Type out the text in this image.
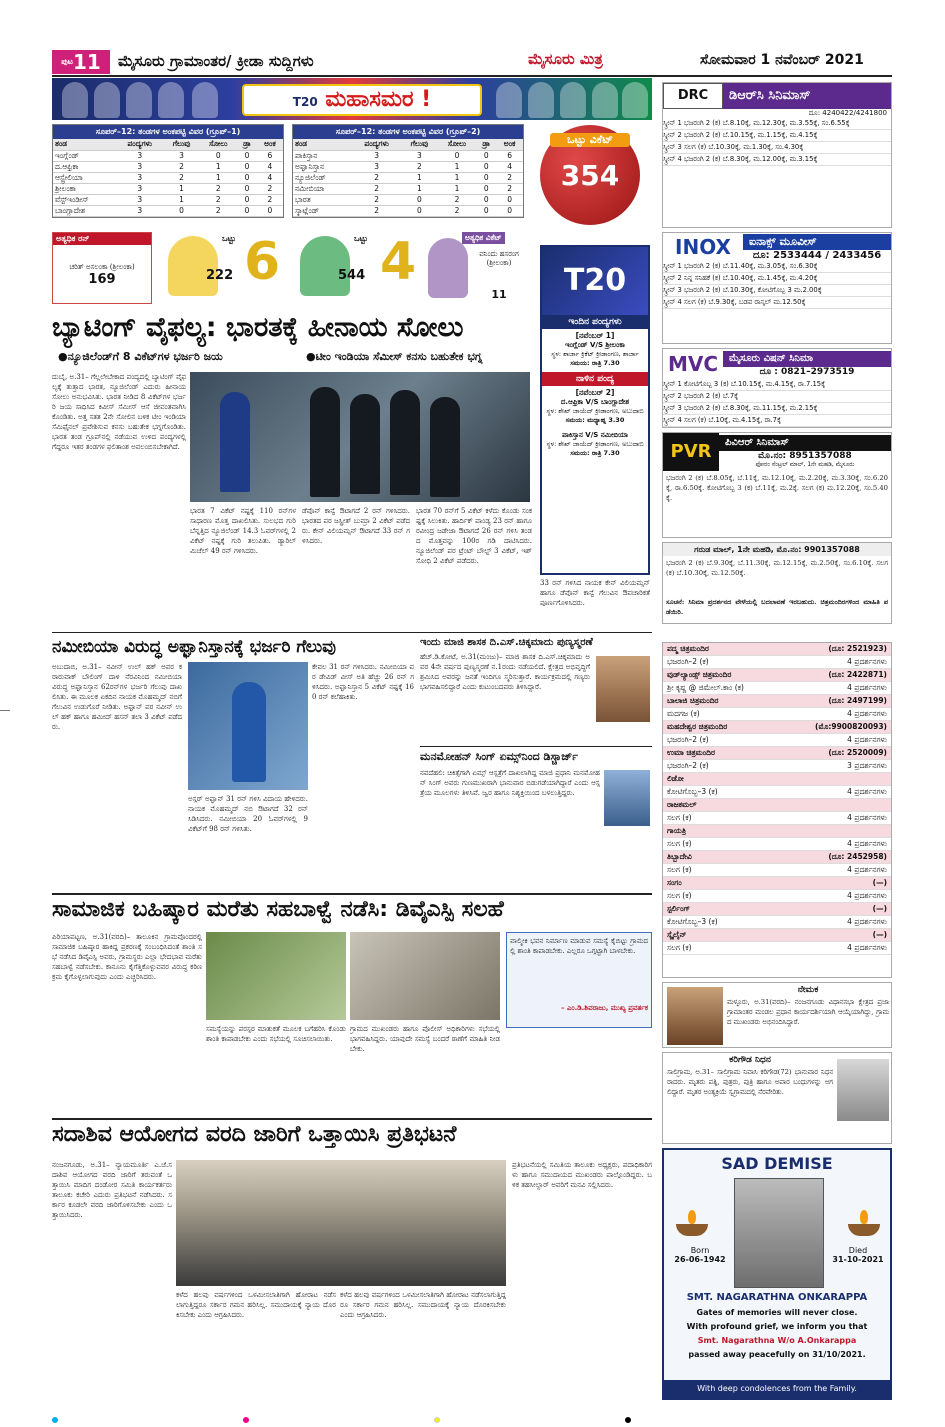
$^{ಪುಟ}$11	ಮೈಸೂರು ಗ್ರಾಮಾಂತರ/ ಕ್ರೀಡಾ ಸುದ್ದಿಗಳು	ಮೈಸೂರು ಮಿತ್ರ	ಸೋಮವಾರ 1 ನವೆಂಬರ್ 2021
T20 ಮಹಾಸಮರ !
ಸೂಪರ್–12: ತಂಡಗಳ ಅಂಕಪಟ್ಟಿ ವಿವರ (ಗ್ರೂಪ್–1)
ತಂಡ	ಪಂದ್ಯಗಳು	ಗೆಲುವು	ಸೋಲು	ಡ್ರಾ	ಅಂಕ
ಇಂಗ್ಲೆಂಡ್	3	3	0	0	6
ದ.ಆಫ್ರಿಕಾ	3	2	1	0	4
ಆಸ್ಟ್ರೇಲಿಯಾ	3	2	1	0	4
ಶ್ರೀಲಂಕಾ	3	1	2	0	2
ವೆಸ್ಟ್ಇಂಡೀಸ್	3	1	2	0	2
ಬಾಂಗ್ಲಾದೇಶ	3	0	2	0	0
ಸೂಪರ್–12: ತಂಡಗಳ ಅಂಕಪಟ್ಟಿ ವಿವರ (ಗ್ರೂಪ್–2)
ತಂಡ	ಪಂದ್ಯಗಳು	ಗೆಲುವು	ಸೋಲು	ಡ್ರಾ	ಅಂಕ
ಪಾಕಿಸ್ತಾನ	3	3	0	0	6
ಅಫ್ಘಾನಿಸ್ತಾನ	3	2	1	0	4
ನ್ಯೂಜಿಲೆಂಡ್	2	1	1	0	2
ನಮೀಬಿಯಾ	2	1	1	0	2
ಭಾರತ	2	0	2	0	0
ಸ್ಕಾಟ್ಲೆಂಡ್	2	0	2	0	0
ಒಟ್ಟು ವಿಕೆಟ್
354
ಅತ್ಯಧಿಕ ರನ್
ಚರಿತ್ ಅಸಲಂಕಾ (ಶ್ರೀಲಂಕಾ)
169
ಒಟ್ಟು
222 6	ಒಟ್ಟು
544 4	ಅತ್ಯಧಿಕ ವಿಕೆಟ್
ವನಿಂದು ಹಸರಂಗ (ಶ್ರೀಲಂಕಾ)
11
ಬ್ಯಾಟಿಂಗ್ ವೈಫಲ್ಯ: ಭಾರತಕ್ಕೆ ಹೀನಾಯ ಸೋಲು
●ನ್ಯೂಜಿಲೆಂಡ್‌ಗೆ 8 ವಿಕೆಟ್‌ಗಳ ಭರ್ಜರಿ ಜಯ	●ಟೀಂ ಇಂಡಿಯಾ ಸೆಮೀಸ್ ಕನಸು ಬಹುತೇಕ ಭಗ್ನ
ದುಬೈ, ಅ.31– ಗೆಲ್ಲಲೇಬೇಕಾದ ಪಂದ್ಯದಲ್ಲಿ ಬ್ಯಾಟಿಂಗ್ ವೈಫಲ್ಯಕ್ಕೆ ತುತ್ತಾದ ಭಾರತ, ನ್ಯೂಜಿಲೆಂಡ್ ಎದುರು ಹೀನಾಯ ಸೋಲು ಅನುಭವಿಸಿತು. ಭಾರತ ನೀಡಿದ 8 ವಿಕೆಟ್‌ಗಳ ಭರ್ಜರಿ ಜಯ ಸಾಧಿಸಿದ ಕಿವೀಸ್ ಸೆಮೀಸ್ ಆಸೆ ಜೀವಂತವಾಗಿಸಿ ಕೊಂಡಿತು. ಅತ್ತ ಸತತ 2ನೇ ಸೋಲಿನ ಬಳಿಕ ಟೀಂ ಇಂಡಿಯಾ ಸೆಮಿಫೈನಲ್ ಪ್ರವೇಶಿಸುವ ಕನಸು ಬಹುತೇಕ ಭಗ್ನಗೊಂಡಿತು. ಭಾರತ ತಂಡ ಗ್ರೂಪ್‌ನಲ್ಲಿ ನಡೆಯುವ ಉಳಿದ ಪಂದ್ಯಗಳಲ್ಲಿ ಗೆದ್ದರೂ ಇತರ ತಂಡಗಳ ಫಲಿತಾಂಶ ಅವಲಂಬಿಸಬೇಕಾಗಿದೆ.
ಭಾರತ 7 ವಿಕೆಟ್ ನಷ್ಟಕ್ಕೆ 110 ರನ್‌ಗಳ ಸಾಧಾರಣ ಮೊತ್ತ ದಾಖಲಿಸಿತು. ಸುಲಭದ ಗುರಿ ಬೆನ್ನತ್ತಿದ ನ್ಯೂಜಿಲೆಂಡ್ 14.3 ಓವರ್‌ಗಳಲ್ಲಿ 2 ವಿಕೆಟ್ ನಷ್ಟಕ್ಕೆ ಗುರಿ ತಲುಪಿತು. ಡ್ಯಾರಿಲ್ ಮಿಚೆಲ್ 49 ರನ್ ಗಳಿಸಿದರು.
ಡೆವೊನ್ ಕಾನ್ವೆ ಔಟಾಗದೆ 2 ರನ್ ಗಳಿಸಿದರು. ಭಾರತದ ಪರ ಜಸ್ಪ್ರೀತ್ ಬುಮ್ರಾ 2 ವಿಕೆಟ್ ಪಡೆದರು. ಕೇನ್ ವಿಲಿಯಮ್ಸನ್ ಔಟಾಗದೆ 33 ರನ್ ಗಳಿಸಿದರು.
ಭಾರತ 70 ರನ್‌ಗೆ 5 ವಿಕೆಟ್ ಕಳೆದು ಕೊಂಡು ಸಂಕಷ್ಟಕ್ಕೆ ಸಿಲುಕಿತು. ಹಾರ್ದಿಕ್ ಪಾಂಡ್ಯ 23 ರನ್ ಹಾಗೂ ರವೀಂದ್ರ ಜಡೇಜಾ ಔಟಾಗದೆ 26 ರನ್ ಗಳಿಸಿ ತಂಡದ ಮೊತ್ತವನ್ನು 100ರ ಗಡಿ ದಾಟಿಸಿದರು. ನ್ಯೂಜಿಲೆಂಡ್ ಪರ ಟ್ರೆಂಟ್ ಬೌಲ್ಟ್ 3 ವಿಕೆಟ್, ಇಶ್ ಸೋಧಿ 2 ವಿಕೆಟ್ ಪಡೆದರು.
T20
ಇಂದಿನ ಪಂದ್ಯಗಳು
[ನವೆಂಬರ್ 1]
ಇಂಗ್ಲೆಂಡ್ V/S ಶ್ರೀಲಂಕಾ
ಸ್ಥಳ: ಶಾರ್ಜಾ ಕ್ರಿಕೆಟ್ ಕ್ರೀಡಾಂಗಣ, ಶಾರ್ಜಾ
ಸಮಯ: ರಾತ್ರಿ 7.30
ನಾಳಿನ ಪಂದ್ಯ
[ನವೆಂಬರ್ 2]
ದ.ಆಫ್ರಿಕಾ V/S ಬಾಂಗ್ಲಾದೇಶ
ಸ್ಥಳ: ಶೇಖ್ ಜಾಯೆದ್ ಕ್ರೀಡಾಂಗಣ, ಅಬುದಾಬಿ
ಸಮಯ: ಮಧ್ಯಾಹ್ನ 3.30
ಪಾಕಿಸ್ತಾನ V/S ನಮೀಬಿಯಾ
ಸ್ಥಳ: ಶೇಖ್ ಜಾಯೆದ್ ಕ್ರೀಡಾಂಗಣ, ಅಬುದಾಬಿ
ಸಮಯ: ರಾತ್ರಿ 7.30
33 ರನ್ ಗಳಿಸಿದ ನಾಯಕ ಕೇನ್ ವಿಲಿಯಮ್ಸನ್ ಹಾಗೂ ಡೆವೊನ್ ಕಾನ್ವೆ ಗೆಲುವಿನ ಔಪಚಾರಿಕತೆ ಪೂರ್ಣಗೊಳಿಸಿದರು.
ನಮೀಬಿಯಾ ವಿರುದ್ಧ ಅಫ್ಘಾನಿಸ್ತಾನಕ್ಕೆ ಭರ್ಜರಿ ಗೆಲುವು
ಅಬುದಾಬಿ, ಅ.31– ನವೀನ್ ಉಲ್ ಹಕ್ ಅವರ ಕರಾರುವಾಕ್ ಬೌಲಿಂಗ್ ದಾಳಿ ನೆರವಿನಿಂದ ನಮೀಬಿಯಾ ವಿರುದ್ಧ ಅಫ್ಘಾನಿಸ್ತಾನ 62ರನ್‌ಗಳ ಭರ್ಜರಿ ಗೆಲುವು ದಾಖಲಿಸಿತು. ಈ ಮೂಲಕ ಏಕದಿನ ನಾಯಕ ಮೊಹಮ್ಮದ್ ನಬಿಗೆ ಗೆಲುವಿನ ಉಡುಗೊರೆ ನೀಡಿತು. ಅಫ್ಘಾನ್ ಪರ ನವೀನ್ ಉಲ್ ಹಕ್ ಹಾಗೂ ಹಮೀದ್ ಹಸನ್ ತಲಾ 3 ವಿಕೆಟ್ ಪಡೆದರು.
ಕೇವಲ 31 ರನ್ ಗಳಿಸಿದರು. ನಮೀಬಿಯಾ ಪರ ಡೇವಿಡ್ ವೀಸ್ ಅತಿ ಹೆಚ್ಚು 26 ರನ್ ಗಳಿಸಿದರು. ಅಫ್ಘಾನಿಸ್ತಾನ 5 ವಿಕೆಟ್ ನಷ್ಟಕ್ಕೆ 160 ರನ್ ಕಲೆಹಾಕಿತು.
ಅಸ್ಗರ್ ಅಫ್ಘಾನ್ 31 ರನ್ ಗಳಿಸಿ ವಿದಾಯ ಹೇಳಿದರು. ನಾಯಕ ಮೊಹಮ್ಮದ್ ನಬಿ ಔಟಾಗದೆ 32 ರನ್ ಸಿಡಿಸಿದರು. ನಮೀಬಿಯಾ 20 ಓವರ್‌ಗಳಲ್ಲಿ 9 ವಿಕೆಟ್‌ಗೆ 98 ರನ್ ಗಳಿಸಿತು.
ಇಂದು ಮಾಜಿ ಶಾಸಕ ದಿ.ಎಸ್.ಚಿಕ್ಕಮಾದು ಪುಣ್ಯಸ್ಮರಣೆ
ಹೆಚ್.ಡಿ.ಕೋಟೆ, ಅ.31(ಮಂಜು)– ಮಾಜಿ ಶಾಸಕ ದಿ.ಎಸ್.ಚಿಕ್ಕಮಾದು ಅವರ 4ನೇ ವರ್ಷದ ಪುಣ್ಯಸ್ಮರಣೆ ನ.1ರಂದು ನಡೆಯಲಿದೆ. ಕ್ಷೇತ್ರದ ಅಭಿವೃದ್ಧಿಗೆ ಶ್ರಮಿಸಿದ ಅವರನ್ನು ಜನತೆ ಇಂದಿಗೂ ಸ್ಮರಿಸುತ್ತಾರೆ. ಕಾರ್ಯಕ್ರಮದಲ್ಲಿ ಗಣ್ಯರು ಭಾಗವಹಿಸಲಿದ್ದಾರೆ ಎಂದು ಕುಟುಂಬದವರು ತಿಳಿಸಿದ್ದಾರೆ.
ಮನಮೋಹನ್ ಸಿಂಗ್ ಏಮ್ಸ್‌ನಿಂದ ಡಿಸ್ಚಾರ್ಜ್
ನವದೆಹಲಿ: ಚಿಕಿತ್ಸೆಗಾಗಿ ಏಮ್ಸ್ ಆಸ್ಪತ್ರೆಗೆ ದಾಖಲಾಗಿದ್ದ ಮಾಜಿ ಪ್ರಧಾನಿ ಮನಮೋಹನ್ ಸಿಂಗ್ ಅವರು ಗುಣಮುಖರಾಗಿ ಭಾನುವಾರ ಬಿಡುಗಡೆಯಾಗಿದ್ದಾರೆ ಎಂದು ಆಸ್ಪತ್ರೆಯ ಮೂಲಗಳು ತಿಳಿಸಿವೆ. ಜ್ವರ ಹಾಗೂ ನಿಶ್ಯಕ್ತಿಯಿಂದ ಬಳಲುತ್ತಿದ್ದರು.
ಸಾಮಾಜಿಕ ಬಹಿಷ್ಕಾರ ಮರೆತು ಸಹಬಾಳ್ವೆ ನಡೆಸಿ: ಡಿವೈಎಸ್ಪಿ ಸಲಹೆ
ಪಿರಿಯಾಪಟ್ಟಣ, ಅ.31(ವರದಿ)– ತಾಲೂಕಿನ ಗ್ರಾಮವೊಂದರಲ್ಲಿ ಸಾಮಾಜಿಕ ಬಹಿಷ್ಕಾರ ಹಾಕಿದ್ದ ಪ್ರಕರಣಕ್ಕೆ ಸಂಬಂಧಿಸಿದಂತೆ ಶಾಂತಿ ಸಭೆ ನಡೆಸಿದ ಡಿವೈಎಸ್ಪಿ ಅವರು, ಗ್ರಾಮಸ್ಥರು ಎಲ್ಲಾ ಭೇದಭಾವ ಮರೆತು ಸಹಬಾಳ್ವೆ ನಡೆಸಬೇಕು. ಕಾನೂನು ಕೈಗೆತ್ತಿಕೊಳ್ಳುವವರ ವಿರುದ್ಧ ಕಠಿಣ ಕ್ರಮ ಕೈಗೊಳ್ಳಲಾಗುವುದು ಎಂದು ಎಚ್ಚರಿಸಿದರು.
ವಾಲ್ಮೀಕಿ ಭವನ ನಿರ್ಮಾಣ ಮಾಡುವ ಸಮಸ್ಯೆ ಕೈಬಿಟ್ಟು ಗ್ರಾಮದಲ್ಲಿ ಶಾಂತಿ ಕಾಪಾಡಬೇಕು. ಎಲ್ಲರೂ ಒಗ್ಗಟ್ಟಾಗಿ ಬಾಳಬೇಕು.
– ಎಂ.ಡಿ.ಶಿವರಾಜು, ಮುಖ್ಯ ಪ್ರವರ್ತಕ
ಸಮಸ್ಯೆಯನ್ನು ಪರಸ್ಪರ ಮಾತುಕತೆ ಮೂಲಕ ಬಗೆಹರಿಸಿ ಕೊಂಡು ಶಾಂತಿ ಕಾಪಾಡಬೇಕು ಎಂದು ಸಭೆಯಲ್ಲಿ ಸೂಚಿಸಲಾಯಿತು.
ಗ್ರಾಮದ ಮುಖಂಡರು ಹಾಗೂ ಪೊಲೀಸ್ ಅಧಿಕಾರಿಗಳು ಸಭೆಯಲ್ಲಿ ಭಾಗವಹಿಸಿದ್ದರು. ಯಾವುದೇ ಸಮಸ್ಯೆ ಬಂದರೆ ಠಾಣೆಗೆ ಮಾಹಿತಿ ನೀಡಬೇಕು.
ಸದಾಶಿವ ಆಯೋಗದ ವರದಿ ಜಾರಿಗೆ ಒತ್ತಾಯಿಸಿ ಪ್ರತಿಭಟನೆ
ನಂಜನಗೂಡು, ಅ.31– ನ್ಯಾಯಮೂರ್ತಿ ಎ.ಜೆ.ಸದಾಶಿವ ಆಯೋಗದ ವರದಿ ಜಾರಿಗೆ ತರುವಂತೆ ಒತ್ತಾಯಿಸಿ ಮಾದಿಗ ದಂಡೋರ ಸಮಿತಿ ಕಾರ್ಯಕರ್ತರು ತಾಲೂಕು ಕಚೇರಿ ಎದುರು ಪ್ರತಿಭಟನೆ ನಡೆಸಿದರು. ಸರ್ಕಾರ ಕೂಡಲೇ ವರದಿ ಜಾರಿಗೊಳಿಸಬೇಕು ಎಂದು ಒತ್ತಾಯಿಸಿದರು.
ಕಳೆದ ಹಲವು ವರ್ಷಗಳಿಂದ ಒಳಮೀಸಲಾತಿಗಾಗಿ ಹೋರಾಟ ನಡೆಸಲಾಗುತ್ತಿದ್ದರೂ ಸರ್ಕಾರ ಗಮನ ಹರಿಸಿಲ್ಲ. ಸಮುದಾಯಕ್ಕೆ ನ್ಯಾಯ ದೊರಕಿಸಬೇಕು ಎಂದು ಆಗ್ರಹಿಸಿದರು.
ಕಳೆದ ಹಲವು ವರ್ಷಗಳಿಂದ ಒಳಮೀಸಲಾತಿಗಾಗಿ ಹೋರಾಟ ನಡೆಸಲಾಗುತ್ತಿದ್ದರೂ ಸರ್ಕಾರ ಗಮನ ಹರಿಸಿಲ್ಲ. ಸಮುದಾಯಕ್ಕೆ ನ್ಯಾಯ ದೊರಕಿಸಬೇಕು ಎಂದು ಆಗ್ರಹಿಸಿದರು.
ಪ್ರತಿಭಟನೆಯಲ್ಲಿ ಸಮಿತಿಯ ತಾಲೂಕು ಅಧ್ಯಕ್ಷರು, ಪದಾಧಿಕಾರಿಗಳು ಹಾಗೂ ಸಮುದಾಯದ ಮುಖಂಡರು ಪಾಲ್ಗೊಂಡಿದ್ದರು. ಬಳಿಕ ತಹಸೀಲ್ದಾರ್ ಅವರಿಗೆ ಮನವಿ ಸಲ್ಲಿಸಿದರು.
DRC	ಡಿಆರ್‌ಸಿ ಸಿನಿಮಾಸ್
ದೂ: 4240422/4241800
ಸ್ಕ್ರೀನ್ 1 ಭಜರಂಗಿ 2 (ಕ) ಬೆ.8.10ಕ್ಕೆ, ಮ.12.30ಕ್ಕೆ, ಮ.3.55ಕ್ಕೆ, ಸಂ.6.55ಕ್ಕೆ
ಸ್ಕ್ರೀನ್ 2 ಭಜರಂಗಿ 2 (ಕ) ಬೆ.10.15ಕ್ಕೆ, ಮ.1.15ಕ್ಕೆ, ಮ.4.15ಕ್ಕೆ
ಸ್ಕ್ರೀನ್ 3 ಸಲಗ (ಕ) ಬೆ.10.30ಕ್ಕೆ, ಮ.1.30ಕ್ಕೆ, ಸಂ.4.30ಕ್ಕೆ
ಸ್ಕ್ರೀನ್ 4 ಭಜರಂಗಿ 2 (ಕ) ಬೆ.8.30ಕ್ಕೆ, ಮ.12.00ಕ್ಕೆ, ಮ.3.15ಕ್ಕೆ
INOX	ಐನಾಕ್ಸ್ ಮೂವೀಸ್
ದೂ: 2533444 / 2433456
ಸ್ಕ್ರೀನ್ 1 ಭಜರಂಗಿ 2 (ಕ) ಬೆ.11.40ಕ್ಕೆ, ಮ.3.05ಕ್ಕೆ, ಸಂ.6.30ಕ್ಕೆ
ಸ್ಕ್ರೀನ್ 2 ನಿನ್ನ ಸನಿಹಕೆ (ಕ) ಬೆ.10.40ಕ್ಕೆ, ಮ.1.45ಕ್ಕೆ, ಮ.4.20ಕ್ಕೆ
ಸ್ಕ್ರೀನ್ 3 ಭಜರಂಗಿ 2 (ಕ) ಬೆ.10.30ಕ್ಕೆ, ಕೋಟಿಗೊಬ್ಬ 3 ಮ.2.00ಕ್ಕೆ
ಸ್ಕ್ರೀನ್ 4 ಸಲಗ (ಕ) ಬೆ.9.30ಕ್ಕೆ, ಬಡವ ರಾಸ್ಕಲ್ ಮ.12.50ಕ್ಕೆ
MVC	ಮೈಸೂರು ವಿಷನ್ ಸಿನಿಮಾ
ದೂ : 0821–2973519
ಸ್ಕ್ರೀನ್ 1 ಕೋಟಿಗೊಬ್ಬ 3 (ಕ) ಬೆ.10.15ಕ್ಕೆ, ಮ.4.15ಕ್ಕೆ, ರಾ.7.15ಕ್ಕೆ
ಸ್ಕ್ರೀನ್ 2 ಭಜರಂಗಿ 2 (ಕ) ಬೆ.7ಕ್ಕೆ
ಸ್ಕ್ರೀನ್ 3 ಭಜರಂಗಿ 2 (ಕ) ಬೆ.8.30ಕ್ಕೆ, ಮ.11.15ಕ್ಕೆ, ಮ.2.15ಕ್ಕೆ
ಸ್ಕ್ರೀನ್ 4 ಸಲಗ (ಕ) ಬೆ.10ಕ್ಕೆ, ಮ.4.15ಕ್ಕೆ, ರಾ.7ಕ್ಕೆ
PVR	ಪಿವಿಆರ್ ಸಿನಿಮಾಸ್
ಮೊ.ನಂ: 8951357088
ಫೋರಂ ಸೆಂಟ್ರಲ್ ಮಾಲ್, 1ನೇ ಮಹಡಿ, ಮೈಸೂರು
ಭಜರಂಗಿ 2 (ಕ) ಬೆ.8.05ಕ್ಕೆ, ಬೆ.11ಕ್ಕೆ, ಮ.12.10ಕ್ಕೆ, ಮ.2.20ಕ್ಕೆ, ಮ.3.30ಕ್ಕೆ, ಸಂ.6.20ಕ್ಕೆ, ರಾ.6.50ಕ್ಕೆ. ಕೋಟಿಗೊಬ್ಬ 3 (ಕ) ಬೆ.11ಕ್ಕೆ, ಮ.2ಕ್ಕೆ. ಸಲಗ (ಕ) ಮ.12.20ಕ್ಕೆ, ಸಂ.5.40ಕ್ಕೆ.
ಗರುಡ ಮಾಲ್, 1ನೇ ಮಹಡಿ, ಮೊ.ನಂ: 9901357088
ಭಜರಂಗಿ 2 (ಕ) ಬೆ.9.30ಕ್ಕೆ, ಬೆ.11.30ಕ್ಕೆ, ಮ.12.15ಕ್ಕೆ, ಮ.2.50ಕ್ಕೆ, ಸಂ.6.10ಕ್ಕೆ. ಸಲಗ (ಕ) ಬೆ.10.30ಕ್ಕೆ, ಮ.12.50ಕ್ಕೆ.
ಸೂಚನೆ: ಸಿನಿಮಾ ಪ್ರದರ್ಶನದ ವೇಳೆಯಲ್ಲಿ ಬದಲಾವಣೆ ಇರಬಹುದು. ಚಿತ್ರಮಂದಿರಗಳಿಂದ ಮಾಹಿತಿ ಪಡೆಯಿರಿ.
ಪದ್ಮ ಚಿತ್ರಮಂದಿರ	(ದೂ: 2521923)
ಭಜರಂಗಿ–2 (ಕ)	4 ಪ್ರದರ್ಶನಗಳು
ವುಡ್‌ಲ್ಯಾಂಡ್ಸ್ ಚಿತ್ರಮಂದಿರ	(ದೂ: 2422871)
ಶ್ರೀ ಕೃಷ್ಣ @ ಜಿಮೇಲ್.ಕಾಂ (ಕ)	4 ಪ್ರದರ್ಶನಗಳು
ಬಾಲಾಜಿ ಚಿತ್ರಮಂದಿರ	(ದೂ: 2497199)
ಮದಗಜ (ಕ)	4 ಪ್ರದರ್ಶನಗಳು
ಮಹದೇಶ್ವರ ಚಿತ್ರಮಂದಿರ	(ಮೊ:9900820093)
ಭಜರಂಗಿ–2 (ಕ)	4 ಪ್ರದರ್ಶನಗಳು
ಉಮಾ ಚಿತ್ರಮಂದಿರ	(ದೂ: 2520009)
ಭಜರಂಗಿ–2 (ಕ)	3 ಪ್ರದರ್ಶನಗಳು
ಲಿಡೋ
ಕೋಟಿಗೊಬ್ಬ–3 (ಕ)	4 ಪ್ರದರ್ಶನಗಳು
ರಾಜಕಮಲ್
ಸಲಗ (ಕ)	4 ಪ್ರದರ್ಶನಗಳು
ಗಾಯತ್ರಿ
ಸಲಗ (ಕ)	4 ಪ್ರದರ್ಶನಗಳು
ತಿಬ್ಬಾದೇವಿ	(ದೂ: 2452958)
ಸಲಗ (ಕ)	4 ಪ್ರದರ್ಶನಗಳು
ಸಂಗಂ	(—)
ಸಲಗ (ಕ)	4 ಪ್ರದರ್ಶನಗಳು
ಸ್ಟರ್ಲಿಂಗ್	(—)
ಕೋಟಿಗೊಬ್ಬ–3 (ಕ)	4 ಪ್ರದರ್ಶನಗಳು
ಸ್ಕೈಲೈನ್	(—)
ಸಲಗ (ಕ)	4 ಪ್ರದರ್ಶನಗಳು
ನೇಮಕ
ಮಳ್ಳೂರು, ಅ.31(ವರದಿ)– ನಂಜನಗೂಡು ವಿಧಾನಸಭಾ ಕ್ಷೇತ್ರದ ಪ್ರಜಾ ಗ್ರಾಮಾಂತರ ಮಂಡಲ ಪ್ರಧಾನ ಕಾರ್ಯದರ್ಶಿಯಾಗಿ ಆಯ್ಕೆಯಾಗಿದ್ದು, ಗ್ರಾಮದ ಮುಖಂಡರು ಅಭಿನಂದಿಸಿದ್ದಾರೆ.
ಕರಿಗೌಡ ನಿಧನ
ಸಾಲಿಗ್ರಾಮ, ಅ.31– ಸಾಲಿಗ್ರಾಮ ನಿವಾಸಿ ಕರಿಗೌಡ(72) ಭಾನುವಾರ ನಿಧನರಾದರು. ಮೃತರು ಪತ್ನಿ, ಪುತ್ರರು, ಪುತ್ರಿ ಹಾಗೂ ಅಪಾರ ಬಂಧುಗಳನ್ನು ಅಗಲಿದ್ದಾರೆ. ಮೃತರ ಅಂತ್ಯಕ್ರಿಯೆ ಸ್ವಗ್ರಾಮದಲ್ಲಿ ನೆರವೇರಿತು.
SAD DEMISE
Born
26-06-1942
Died
31-10-2021
SMT. NAGARATHNA ONKARAPPA
Gates of memories will never close.
With profound grief, we inform you that
Smt. Nagarathna W/o A.Onkarappa
passed away peacefully on 31/10/2021.
With deep condolences from the Family.
